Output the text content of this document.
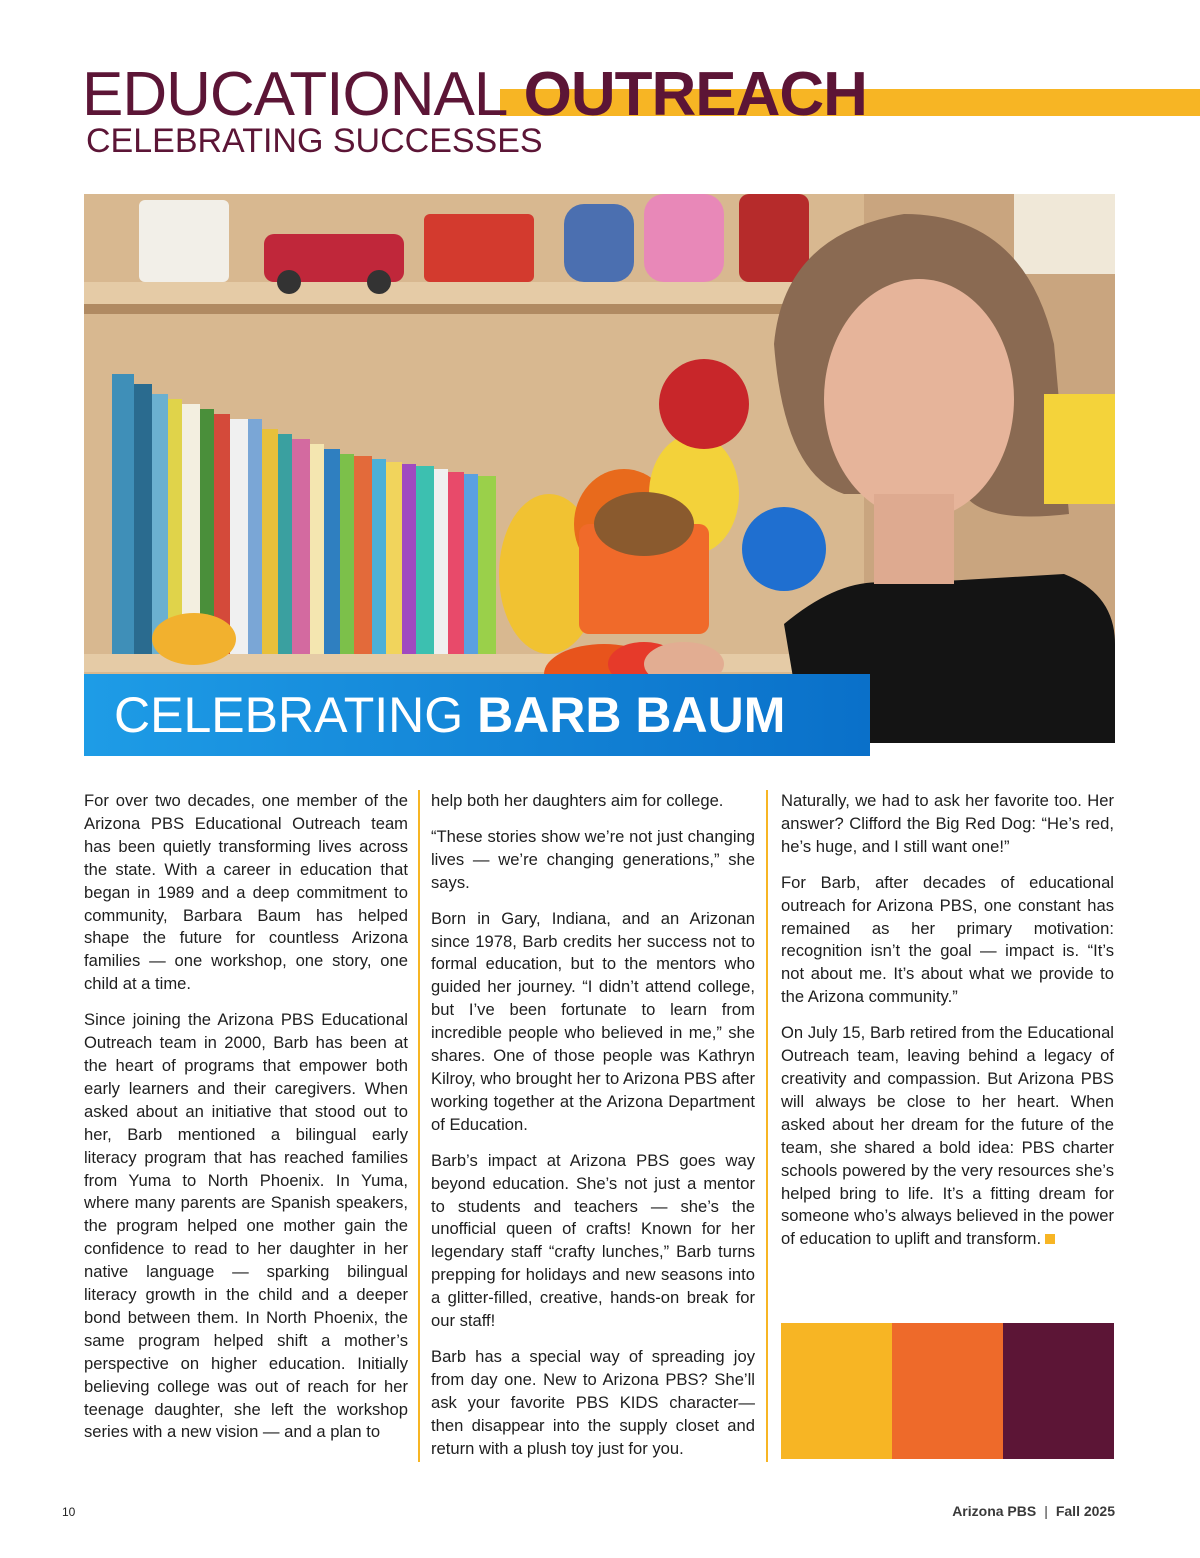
EDUCATIONAL OUTREACH
CELEBRATING SUCCESSES
CELEBRATING BARB BAUM

For over two decades, one member of the Arizona PBS Educational Outreach team has been quietly transforming lives across the state. With a career in education that began in 1989 and a deep commitment to community, Barbara Baum has helped shape the future for countless Arizona families — one workshop, one story, one child at a time.

Since joining the Arizona PBS Educational Outreach team in 2000, Barb has been at the heart of programs that empower both early learners and their caregivers. When asked about an initiative that stood out to her, Barb mentioned a bilingual early literacy program that has reached families from Yuma to North Phoenix. In Yuma, where many parents are Spanish speakers, the program helped one mother gain the confidence to read to her daughter in her native language — sparking bilingual literacy growth in the child and a deeper bond between them. In North Phoenix, the same program helped shift a mother’s perspective on higher education. Initially believing college was out of reach for her teenage daughter, she left the workshop series with a new vision — and a plan to

help both her daughters aim for college.

“These stories show we’re not just changing lives — we’re changing generations,” she says.

Born in Gary, Indiana, and an Arizonan since 1978, Barb credits her success not to formal education, but to the mentors who guided her journey. “I didn’t attend college, but I’ve been fortunate to learn from incredible people who believed in me,” she shares. One of those people was Kathryn Kilroy, who brought her to Arizona PBS after working together at the Arizona Department of Education.

Barb’s impact at Arizona PBS goes way beyond education. She’s not just a mentor to students and teachers — she’s the unofficial queen of crafts! Known for her legendary staff “crafty lunches,” Barb turns prepping for holidays and new seasons into a glitter-filled, creative, hands-on break for our staff!

Barb has a special way of spreading joy from day one. New to Arizona PBS? She’ll ask your favorite PBS KIDS character—then disappear into the supply closet and return with a plush toy just for you.

Naturally, we had to ask her favorite too. Her answer? Clifford the Big Red Dog: “He’s red, he’s huge, and I still want one!”

For Barb, after decades of educational outreach for Arizona PBS, one constant has remained as her primary motivation: recognition isn’t the goal — impact is. “It’s not about me. It’s about what we provide to the Arizona community.”

On July 15, Barb retired from the Educational Outreach team, leaving behind a legacy of creativity and compassion. But Arizona PBS will always be close to her heart. When asked about her dream for the future of the team, she shared a bold idea: PBS charter schools powered by the very resources she’s helped bring to life. It’s a fitting dream for someone who’s always believed in the power of education to uplift and transform.

10	Arizona PBS | Fall 2025
